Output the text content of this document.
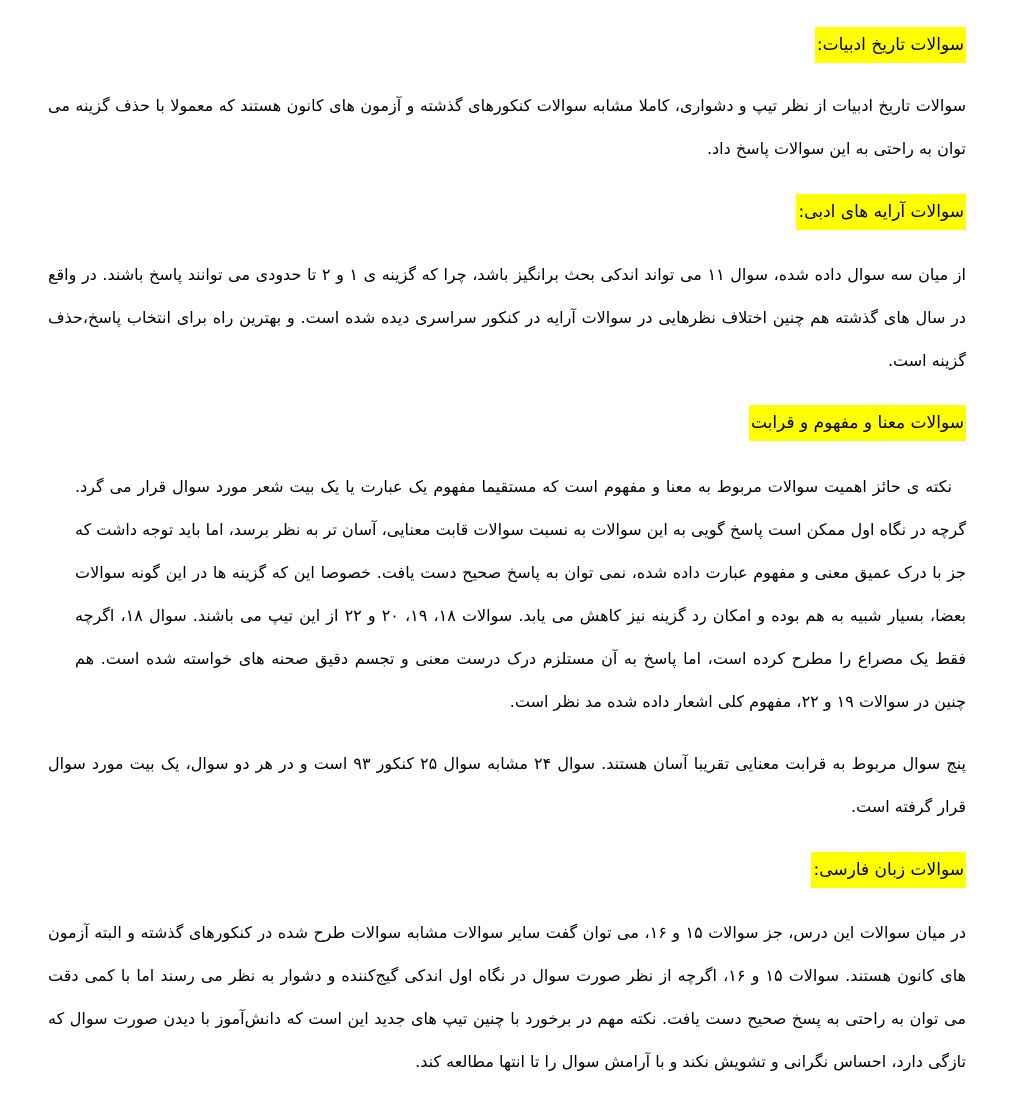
سوالات تاریخ ادبیات:

سوالات تاریخ ادبیات از نظر تیپ و دشواری، کاملا مشابه سوالات کنکورهای گذشته و آزمون های کانون هستند که معمولا با حذف گزینه می توان به راحتی به این سوالات پاسخ داد.

سوالات آرایه های ادبی:

از میان سه سوال داده شده، سوال ۱۱ می تواند اندکی بحث برانگیز باشد، چرا که گزینه ی ۱ و ۲ تا حدودی می توانند پاسخ باشند. در واقع در سال های گذشته هم چنین اختلاف نظرهایی در سوالات آرایه در کنکور سراسری دیده شده است. و بهترین راه برای انتخاب پاسخ،حذف گزینه است.

سوالات معنا و مفهوم و قرابت

نکته ی حائز اهمیت سوالات مربوط به معنا و مفهوم است که مستقیما مفهوم یک عبارت یا یک بیت شعر مورد سوال قرار می گرد. گرچه در نگاه اول ممکن است پاسخ گویی به این سوالات به نسبت سوالات قابت معنایی، آسان تر به نظر برسد، اما باید توجه داشت که جز با درک عمیق معنی و مفهوم عبارت داده شده، نمی توان به پاسخ صحیح دست یافت. خصوصا این که گزینه ها در این گونه سوالات بعضا، بسیار شبیه به هم بوده و امکان رد گزینه نیز کاهش می یابد. سوالات ۱۸، ۱۹، ۲۰ و ۲۲ از این تیپ می باشند. سوال ۱۸، اگرچه فقط یک مصراع را مطرح کرده است، اما پاسخ به آن مستلزم درک درست معنی و تجسم دقیق صحنه های خواسته شده است. هم چنین در سوالات ۱۹ و ۲۲، مفهوم کلی اشعار داده شده مد نظر است.

پنج سوال مربوط به قرابت معنایی تقریبا آسان هستند. سوال ۲۴ مشابه سوال ۲۵ کنکور ۹۳ است و در هر دو سوال، یک بیت مورد سوال قرار گرفته است.

سوالات زبان فارسی:

در میان سوالات این درس، جز سوالات ۱۵ و ۱۶، می توان گفت سایر سوالات مشابه سوالات طرح شده در کنکورهای گذشته و البته آزمون های کانون هستند. سوالات ۱۵ و ۱۶، اگرچه از نظر صورت سوال در نگاه اول اندکی گیج‌کننده و دشوار به نظر می رسند اما با کمی دقت می توان به راحتی به پسخ صحیح دست یافت. نکته مهم در برخورد با چنین تیپ های جدید این است که دانش‌آموز با دیدن صورت سوال که تازگی دارد، احساس نگرانی و تشویش نکند و با آرامش سوال را تا انتها مطالعه کند.
